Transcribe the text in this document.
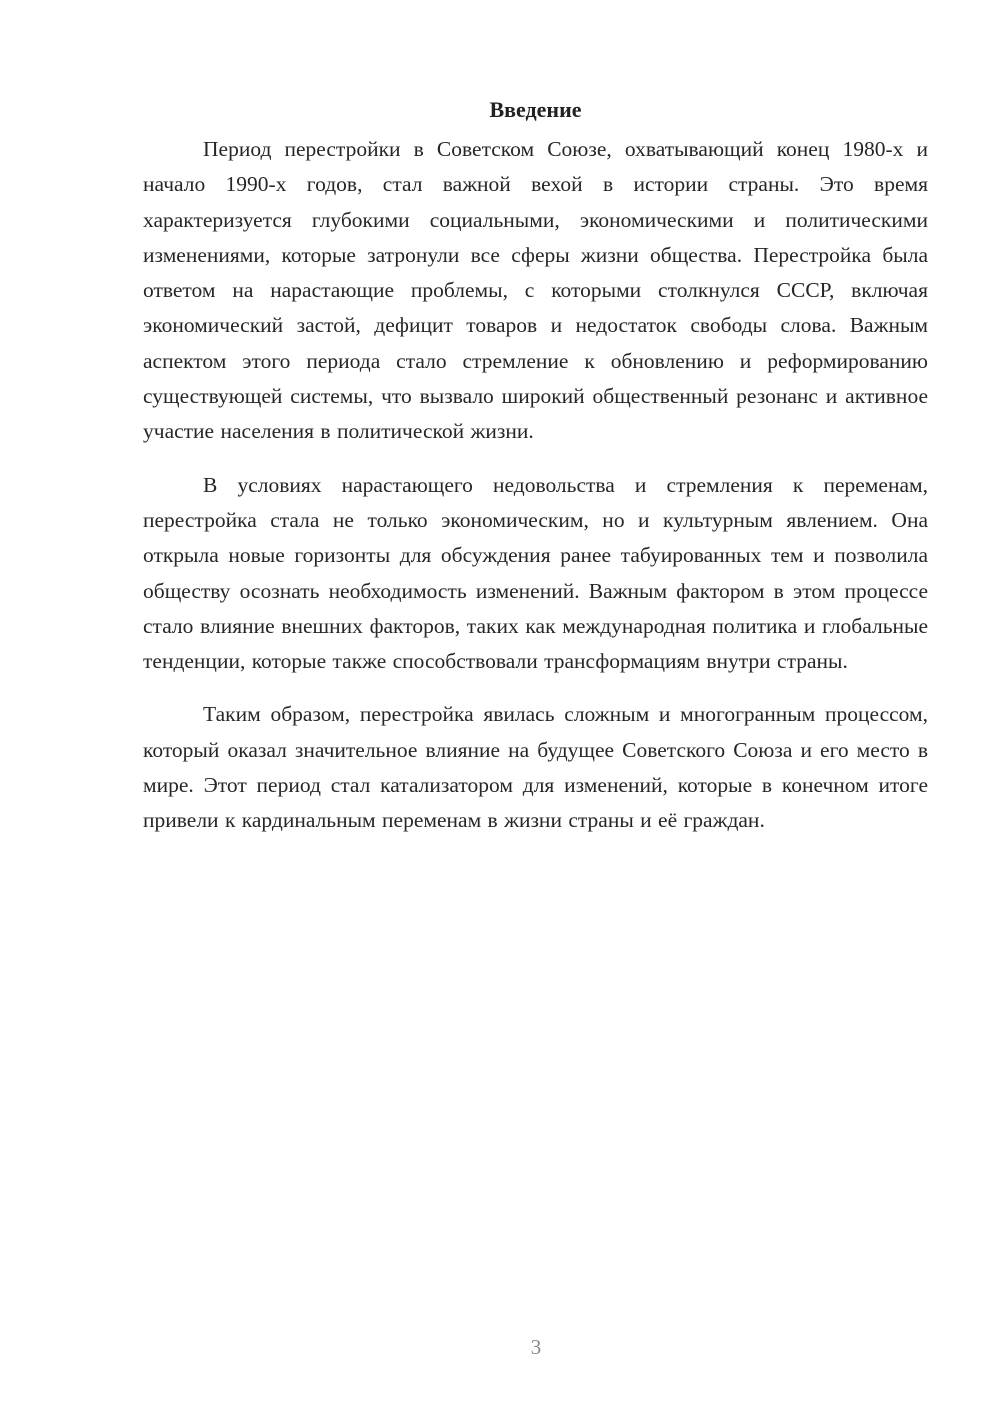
Введение

Период перестройки в Советском Союзе, охватывающий конец 1980-х и начало 1990-х годов, стал важной вехой в истории страны. Это время характеризуется глубокими социальными, экономическими и политическими изменениями, которые затронули все сферы жизни общества. Перестройка была ответом на нарастающие проблемы, с которыми столкнулся СССР, включая экономический застой, дефицит товаров и недостаток свободы слова. Важным аспектом этого периода стало стремление к обновлению и реформированию существующей системы, что вызвало широкий общественный резонанс и активное участие населения в политической жизни.

В условиях нарастающего недовольства и стремления к переменам, перестройка стала не только экономическим, но и культурным явлением. Она открыла новые горизонты для обсуждения ранее табуированных тем и позволила обществу осознать необходимость изменений. Важным фактором в этом процессе стало влияние внешних факторов, таких как международная политика и глобальные тенденции, которые также способствовали трансформациям внутри страны.

Таким образом, перестройка явилась сложным и многогранным процессом, который оказал значительное влияние на будущее Советского Союза и его место в мире. Этот период стал катализатором для изменений, которые в конечном итоге привели к кардинальным переменам в жизни страны и её граждан.

3
